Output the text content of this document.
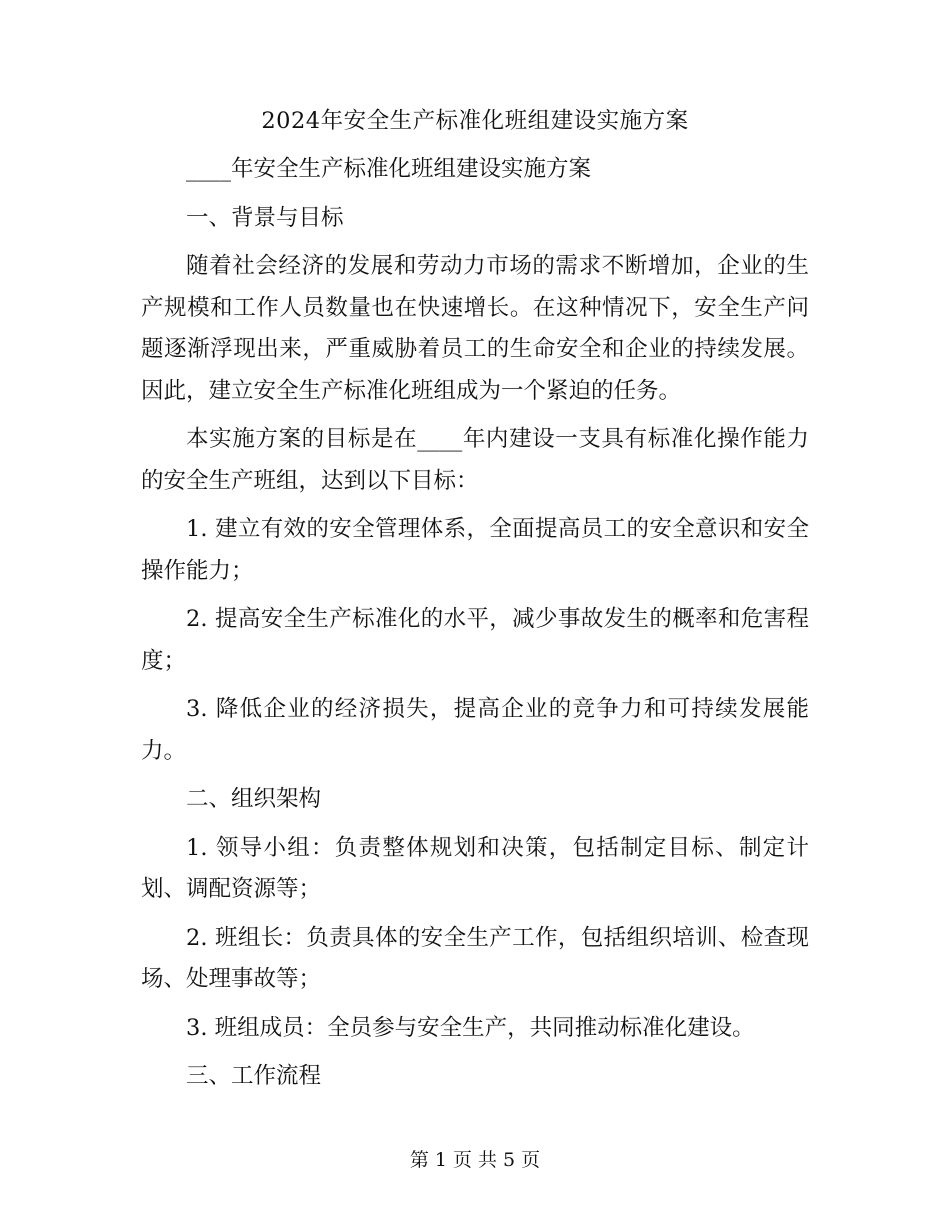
2024年安全生产标准化班组建设实施方案

____年安全生产标准化班组建设实施方案

一、背景与目标

随着社会经济的发展和劳动力市场的需求不断增加，企业的生产规模和工作人员数量也在快速增长。在这种情况下，安全生产问题逐渐浮现出来，严重威胁着员工的生命安全和企业的持续发展。因此，建立安全生产标准化班组成为一个紧迫的任务。

本实施方案的目标是在____年内建设一支具有标准化操作能力的安全生产班组，达到以下目标：

1. 建立有效的安全管理体系，全面提高员工的安全意识和安全操作能力；

2. 提高安全生产标准化的水平，减少事故发生的概率和危害程度；

3. 降低企业的经济损失，提高企业的竞争力和可持续发展能力。

二、组织架构

1. 领导小组：负责整体规划和决策，包括制定目标、制定计划、调配资源等；

2. 班组长：负责具体的安全生产工作，包括组织培训、检查现场、处理事故等；

3. 班组成员：全员参与安全生产，共同推动标准化建设。

三、工作流程

第 1 页 共 5 页
